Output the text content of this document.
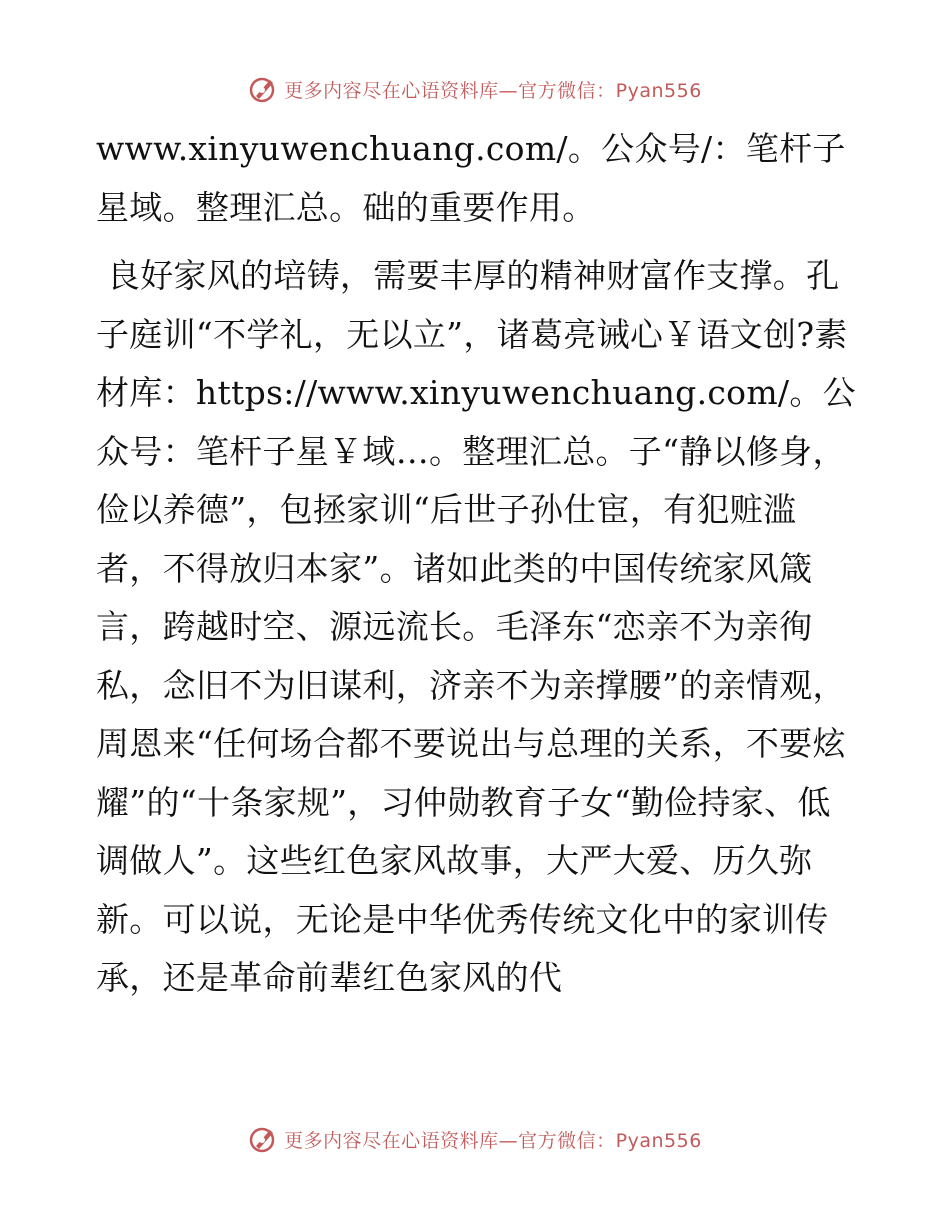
更多内容尽在心语资料库—官方微信：Pyan556

www.xinyuwenchuang.com/。公众号/：笔杆子星域。整理汇总。础的重要作用。

良好家风的培铸，需要丰厚的精神财富作支撑。孔子庭训“不学礼，无以立”，诸葛亮诫心￥语文创?素材库：https://www.xinyuwenchuang.com/。公众号：笔杆子星￥域…。整理汇总。子“静以修身，俭以养德”，包拯家训“后世子孙仕宦，有犯赃滥者，不得放归本家”。诸如此类的中国传统家风箴言，跨越时空、源远流长。毛泽东“恋亲不为亲徇私，念旧不为旧谋利，济亲不为亲撑腰”的亲情观，周恩来“任何场合都不要说出与总理的关系，不要炫耀”的“十条家规”，习仲勋教育子女“勤俭持家、低调做人”。这些红色家风故事，大严大爱、历久弥新。可以说，无论是中华优秀传统文化中的家训传承，还是革命前辈红色家风的代

更多内容尽在心语资料库—官方微信：Pyan556
